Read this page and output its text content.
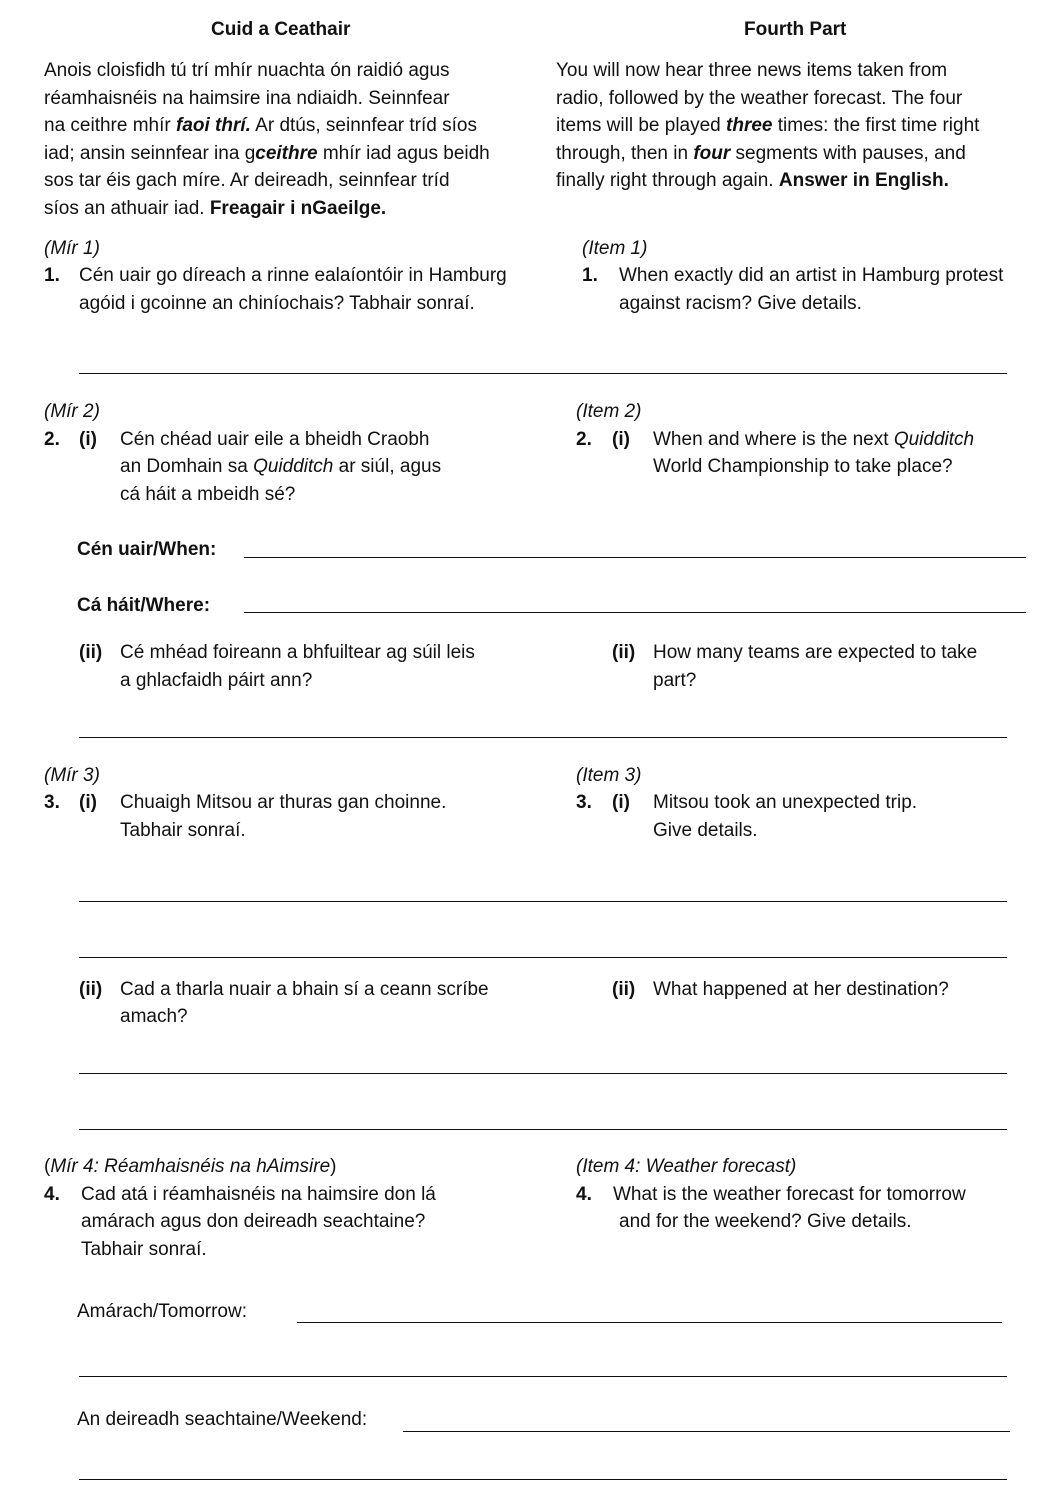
Cuid a Ceathair	Fourth Part
Anois cloisfidh tú trí mhír nuachta ón raidió agus
réamhaisnéis na haimsire ina ndiaidh. Seinnfear
na ceithre mhír faoi thrí. Ar dtús, seinnfear tríd síos
iad; ansin seinnfear ina gceithre mhír iad agus beidh
sos tar éis gach míre. Ar deireadh, seinnfear tríd
síos an athuair iad. Freagair i nGaeilge.
You will now hear three news items taken from
radio, followed by the weather forecast. The four
items will be played three times: the first time right
through, then in four segments with pauses, and
finally right through again. Answer in English.
(Mír 1)	(Item 1)
1. Cén uair go díreach a rinne ealaíontóir in Hamburg
agóid i gcoinne an chiníochais? Tabhair sonraí.
1. When exactly did an artist in Hamburg protest
against racism? Give details.
(Mír 2)	(Item 2)
2. (i) Cén chéad uair eile a bheidh Craobh
an Domhain sa Quidditch ar siúl, agus
cá háit a mbeidh sé?
2. (i) When and where is the next Quidditch
World Championship to take place?
Cén uair/When:
Cá háit/Where:
(ii) Cé mhéad foireann a bhfuiltear ag súil leis
a ghlacfaidh páirt ann?
(ii) How many teams are expected to take
part?
(Mír 3)	(Item 3)
3. (i) Chuaigh Mitsou ar thuras gan choinne.
Tabhair sonraí.
3. (i) Mitsou took an unexpected trip.
Give details.
(ii) Cad a tharla nuair a bhain sí a ceann scríbe
amach?
(ii) What happened at her destination?
(Mír 4: Réamhaisnéis na hAimsire)	(Item 4: Weather forecast)
4. Cad atá i réamhaisnéis na haimsire don lá
amárach agus don deireadh seachtaine?
Tabhair sonraí.
4. What is the weather forecast for tomorrow
and for the weekend? Give details.
Amárach/Tomorrow:
An deireadh seachtaine/Weekend:
